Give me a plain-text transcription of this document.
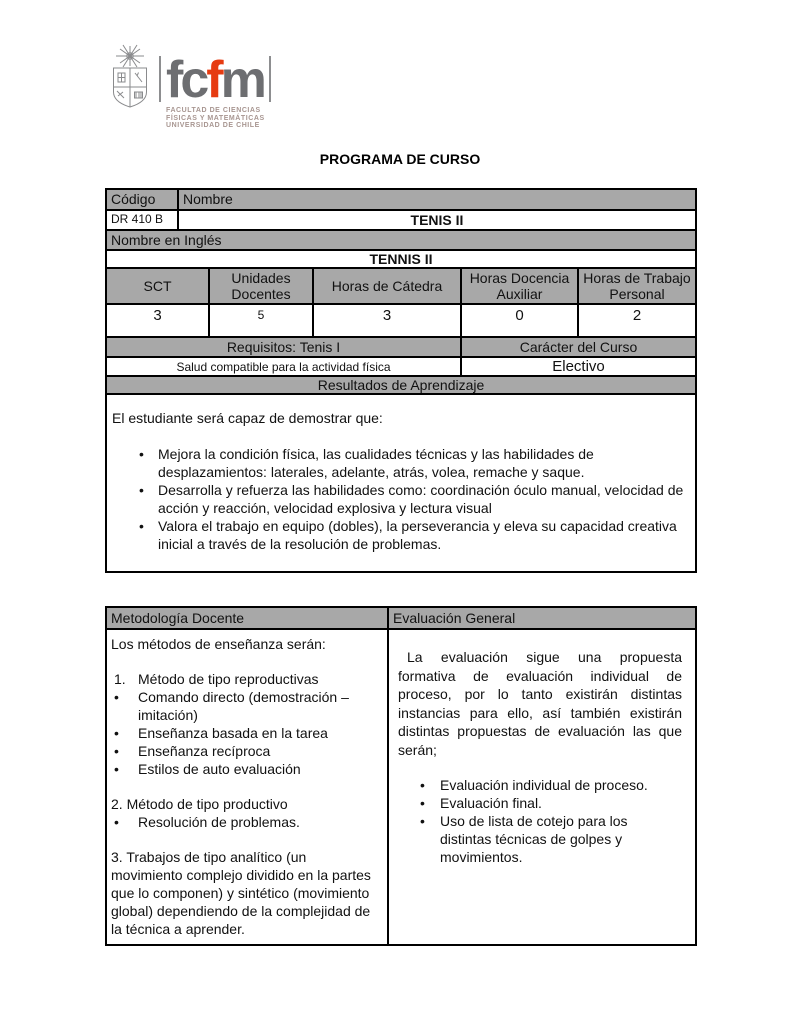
fcfm
FACULTAD DE CIENCIAS
FÍSICAS Y MATEMÁTICAS
UNIVERSIDAD DE CHILE
PROGRAMA DE CURSO
Código	Nombre
DR 410 B	TENIS II
Nombre en Inglés
TENNIS II
SCT	Unidades Docentes	Horas de Cátedra	Horas Docencia Auxiliar	Horas de Trabajo Personal
3	5	3	0	2
Requisitos: Tenis I	Carácter del Curso
Salud compatible para la actividad física	Electivo
Resultados de Aprendizaje

El estudiante será capaz de demostrar que:
•	Mejora la condición física, las cualidades técnicas y las habilidades de desplazamientos: laterales, adelante, atrás, volea, remache y saque.
•	Desarrolla y refuerza las habilidades como: coordinación óculo manual, velocidad de acción y reacción, velocidad explosiva y lectura visual
•	Valora el trabajo en equipo (dobles), la perseverancia y eleva su capacidad creativa inicial a través de la resolución de problemas.
Metodología Docente	Evaluación General

Los métodos de enseñanza serán:
1. Método de tipo reproductivas
•	Comando directo (demostración – imitación)
•	Enseñanza basada en la tarea
•	Enseñanza recíproca
•	Estilos de auto evaluación
2. Método de tipo productivo
•	Resolución de problemas.
3. Trabajos de tipo analítico (un movimiento complejo dividido en la partes que lo componen) y sintético (movimiento global) dependiendo de la complejidad de la técnica a aprender.

La evaluación sigue una propuesta formativa de evaluación individual de proceso, por lo tanto existirán distintas instancias para ello, así también existirán distintas propuestas de evaluación las que serán;
•	Evaluación individual de proceso.
•	Evaluación final.
•	Uso de lista de cotejo para los distintas técnicas de golpes y movimientos.
